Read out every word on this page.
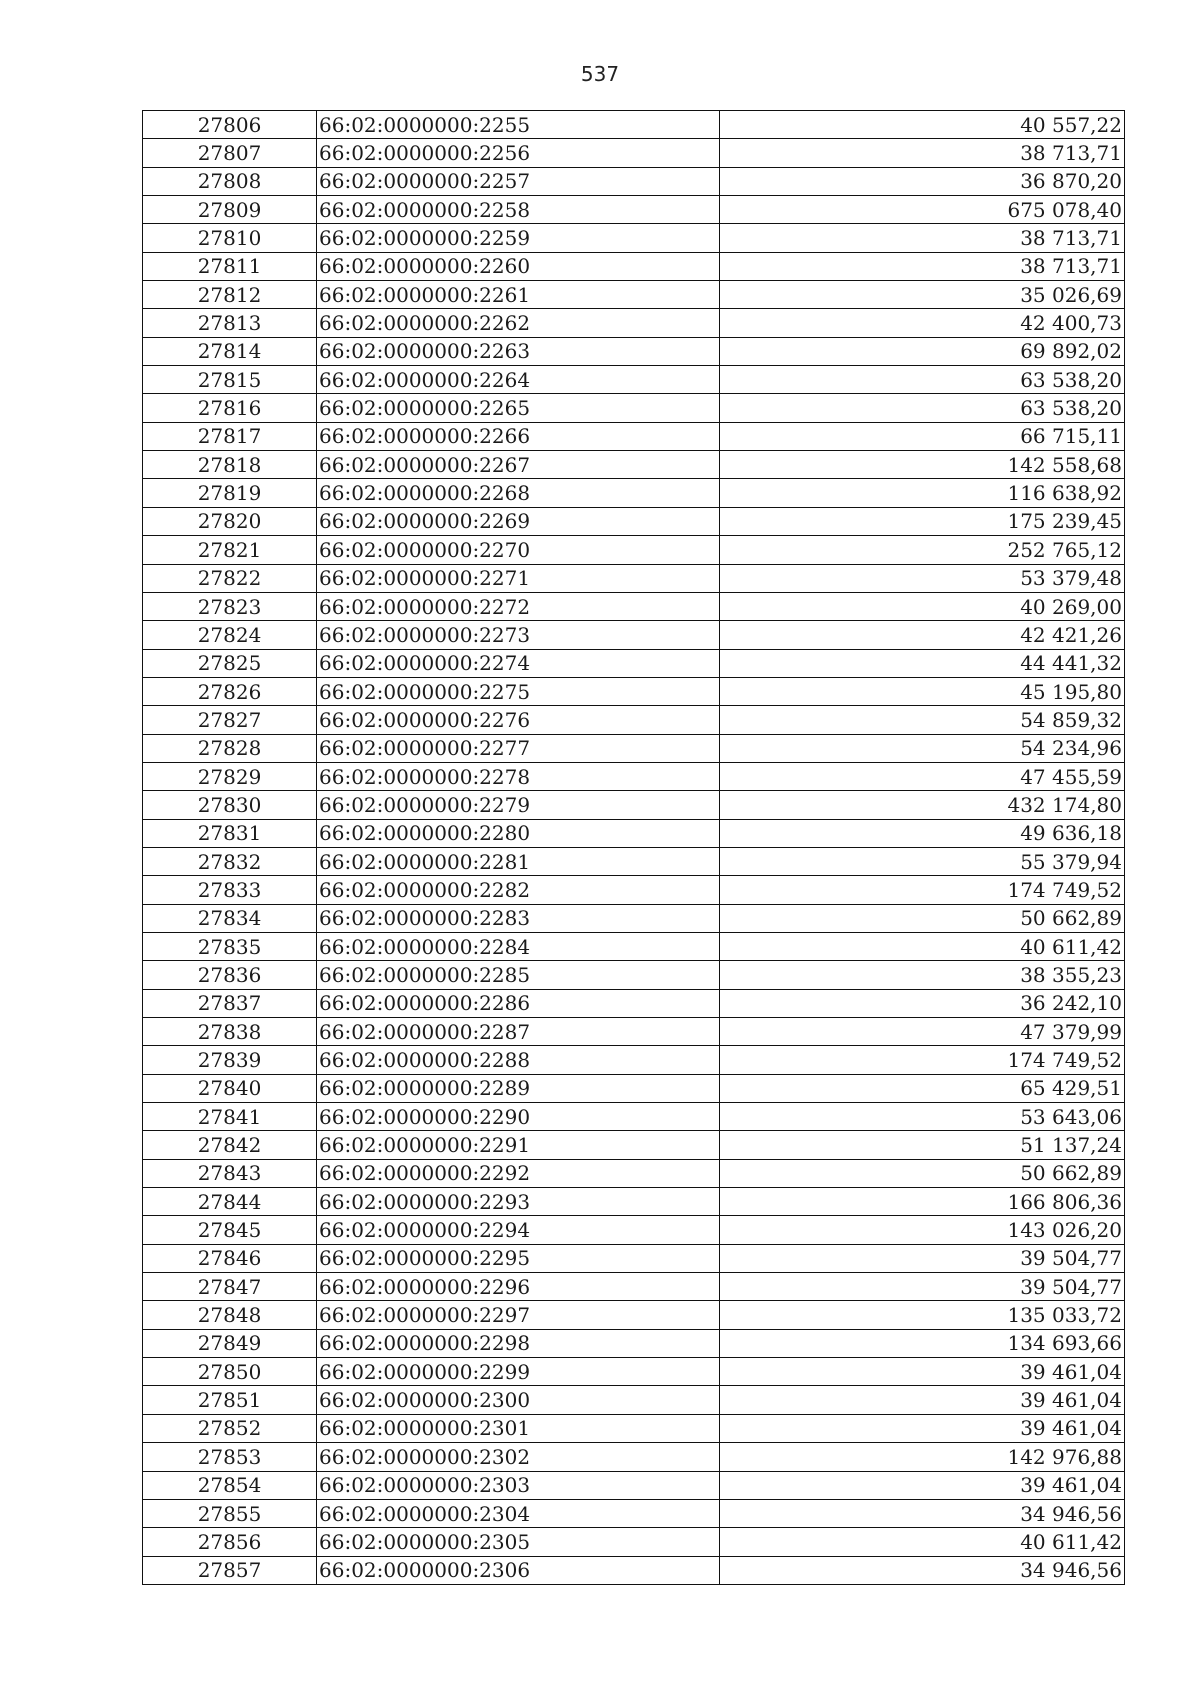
537
27806	66:02:0000000:2255	40 557,22
27807	66:02:0000000:2256	38 713,71
27808	66:02:0000000:2257	36 870,20
27809	66:02:0000000:2258	675 078,40
27810	66:02:0000000:2259	38 713,71
27811	66:02:0000000:2260	38 713,71
27812	66:02:0000000:2261	35 026,69
27813	66:02:0000000:2262	42 400,73
27814	66:02:0000000:2263	69 892,02
27815	66:02:0000000:2264	63 538,20
27816	66:02:0000000:2265	63 538,20
27817	66:02:0000000:2266	66 715,11
27818	66:02:0000000:2267	142 558,68
27819	66:02:0000000:2268	116 638,92
27820	66:02:0000000:2269	175 239,45
27821	66:02:0000000:2270	252 765,12
27822	66:02:0000000:2271	53 379,48
27823	66:02:0000000:2272	40 269,00
27824	66:02:0000000:2273	42 421,26
27825	66:02:0000000:2274	44 441,32
27826	66:02:0000000:2275	45 195,80
27827	66:02:0000000:2276	54 859,32
27828	66:02:0000000:2277	54 234,96
27829	66:02:0000000:2278	47 455,59
27830	66:02:0000000:2279	432 174,80
27831	66:02:0000000:2280	49 636,18
27832	66:02:0000000:2281	55 379,94
27833	66:02:0000000:2282	174 749,52
27834	66:02:0000000:2283	50 662,89
27835	66:02:0000000:2284	40 611,42
27836	66:02:0000000:2285	38 355,23
27837	66:02:0000000:2286	36 242,10
27838	66:02:0000000:2287	47 379,99
27839	66:02:0000000:2288	174 749,52
27840	66:02:0000000:2289	65 429,51
27841	66:02:0000000:2290	53 643,06
27842	66:02:0000000:2291	51 137,24
27843	66:02:0000000:2292	50 662,89
27844	66:02:0000000:2293	166 806,36
27845	66:02:0000000:2294	143 026,20
27846	66:02:0000000:2295	39 504,77
27847	66:02:0000000:2296	39 504,77
27848	66:02:0000000:2297	135 033,72
27849	66:02:0000000:2298	134 693,66
27850	66:02:0000000:2299	39 461,04
27851	66:02:0000000:2300	39 461,04
27852	66:02:0000000:2301	39 461,04
27853	66:02:0000000:2302	142 976,88
27854	66:02:0000000:2303	39 461,04
27855	66:02:0000000:2304	34 946,56
27856	66:02:0000000:2305	40 611,42
27857	66:02:0000000:2306	34 946,56
